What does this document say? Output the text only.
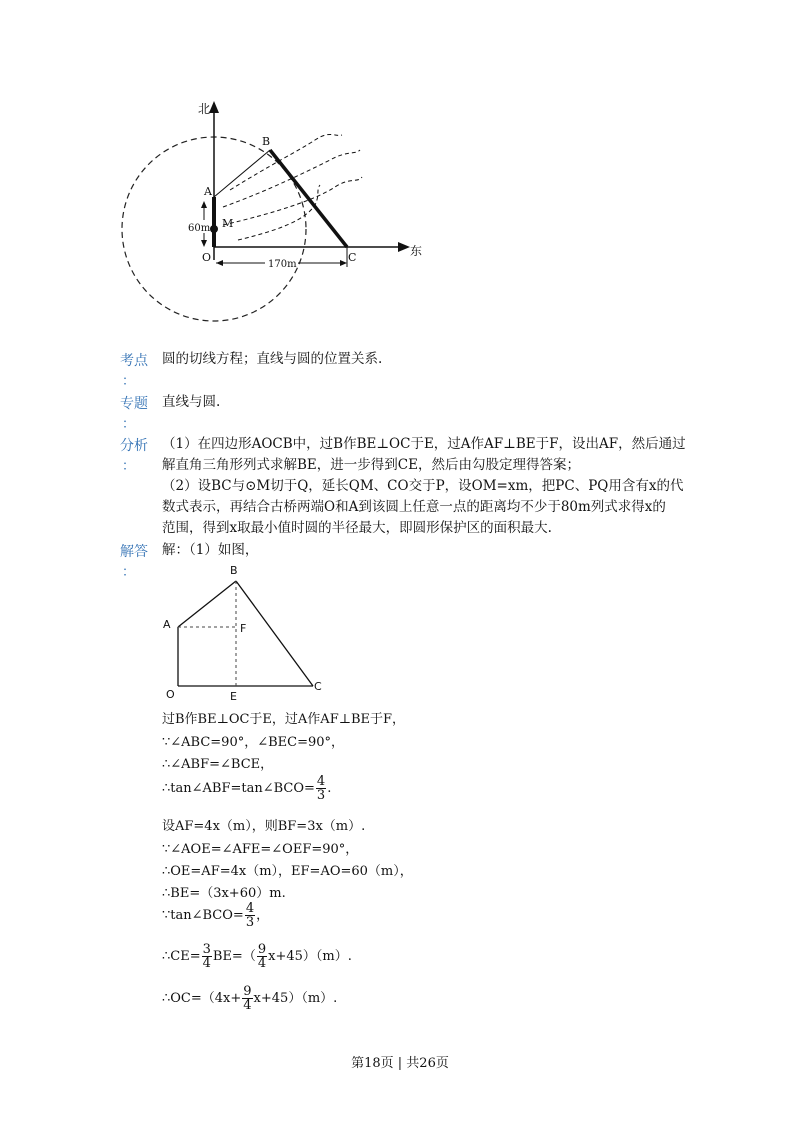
北
东
B
A
M
O	C
60m
170m
考点
：
圆的切线方程；直线与圆的位置关系.
专题
：
直线与圆.
分析
：
（1）在四边形AOCB中，过B作BE⊥OC于E，过A作AF⊥BE于F，设出AF，然后通过
解直角三角形列式求解BE，进一步得到CE，然后由勾股定理得答案；
（2）设BC与⊙M切于Q，延长QM、CO交于P，设OM=xm，把PC、PQ用含有x的代
数式表示，再结合古桥两端O和A到该圆上任意一点的距离均不少于80m列式求得x的
范围，得到x取最小值时圆的半径最大，即圆形保护区的面积最大.
解答
：
解：（1）如图，
B
A	F
O	E
C
过B作BE⊥OC于E，过A作AF⊥BE于F，
∵∠ABC=90°，∠BEC=90°，
∴∠ABF=∠BCE，
∴tan∠ABF=tan∠BCO= $\frac{4}{3}$ .
设AF=4x（m），则BF=3x（m）.
∵∠AOE=∠AFE=∠OEF=90°，
∴OE=AF=4x（m），EF=AO=60（m），
∴BE=（3x+60）m.
∵tan∠BCO= $\frac{4}{3}$ ，
∴CE= $\frac{3}{4} BE=( \frac{9}{4} x+45)(m)$.
∴OC=（4x+ $\frac{9}{4} x+45)(m)$.
第18页 | 共26页
